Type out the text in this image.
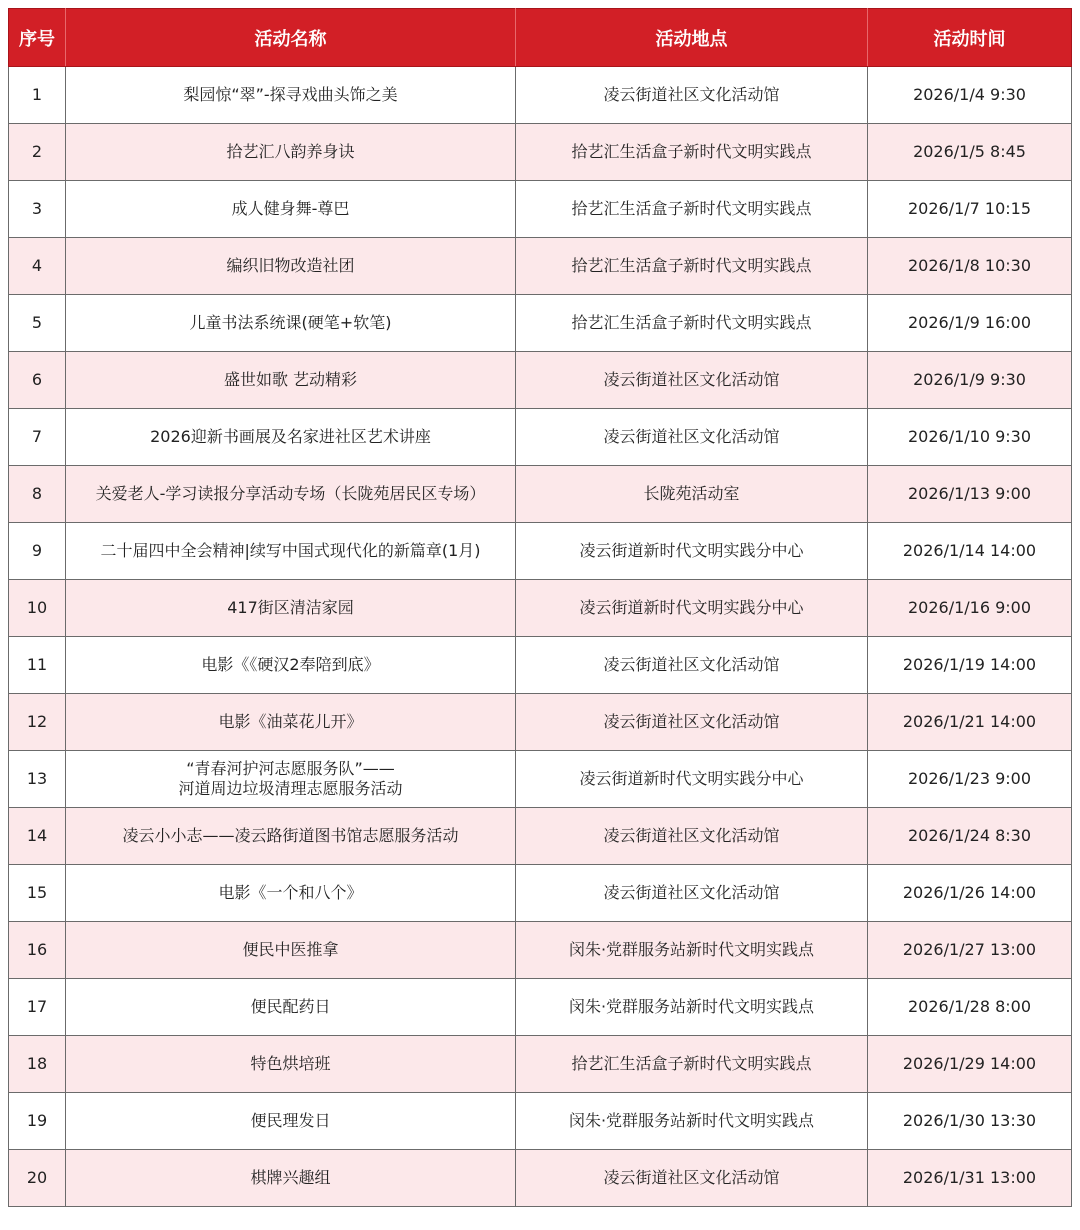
序号	活动名称	活动地点	活动时间
1	梨园惊“翠”-探寻戏曲头饰之美	凌云街道社区文化活动馆	2026/1/4 9:30
2	拾艺汇八韵养身诀	拾艺汇生活盒子新时代文明实践点	2026/1/5 8:45
3	成人健身舞-尊巴	拾艺汇生活盒子新时代文明实践点	2026/1/7 10:15
4	编织旧物改造社团	拾艺汇生活盒子新时代文明实践点	2026/1/8 10:30
5	儿童书法系统课(硬笔+软笔)	拾艺汇生活盒子新时代文明实践点	2026/1/9 16:00
6	盛世如歌 艺动精彩	凌云街道社区文化活动馆	2026/1/9 9:30
7	2026迎新书画展及名家进社区艺术讲座	凌云街道社区文化活动馆	2026/1/10 9:30
8	关爱老人-学习读报分享活动专场（长陇苑居民区专场）	长陇苑活动室	2026/1/13 9:00
9	二十届四中全会精神|续写中国式现代化的新篇章(1月)	凌云街道新时代文明实践分中心	2026/1/14 14:00
10	417街区清洁家园	凌云街道新时代文明实践分中心	2026/1/16 9:00
11	电影《《硬汉2奉陪到底》	凌云街道社区文化活动馆	2026/1/19 14:00
12	电影《油菜花儿开》	凌云街道社区文化活动馆	2026/1/21 14:00
13	“青春河护河志愿服务队”——
河道周边垃圾清理志愿服务活动	凌云街道新时代文明实践分中心	2026/1/23 9:00
14	凌云小小志——凌云路街道图书馆志愿服务活动	凌云街道社区文化活动馆	2026/1/24 8:30
15	电影《一个和八个》	凌云街道社区文化活动馆	2026/1/26 14:00
16	便民中医推拿	闵朱·党群服务站新时代文明实践点	2026/1/27 13:00
17	便民配药日	闵朱·党群服务站新时代文明实践点	2026/1/28 8:00
18	特色烘培班	拾艺汇生活盒子新时代文明实践点	2026/1/29 14:00
19	便民理发日	闵朱·党群服务站新时代文明实践点	2026/1/30 13:30
20	棋牌兴趣组	凌云街道社区文化活动馆	2026/1/31 13:00
